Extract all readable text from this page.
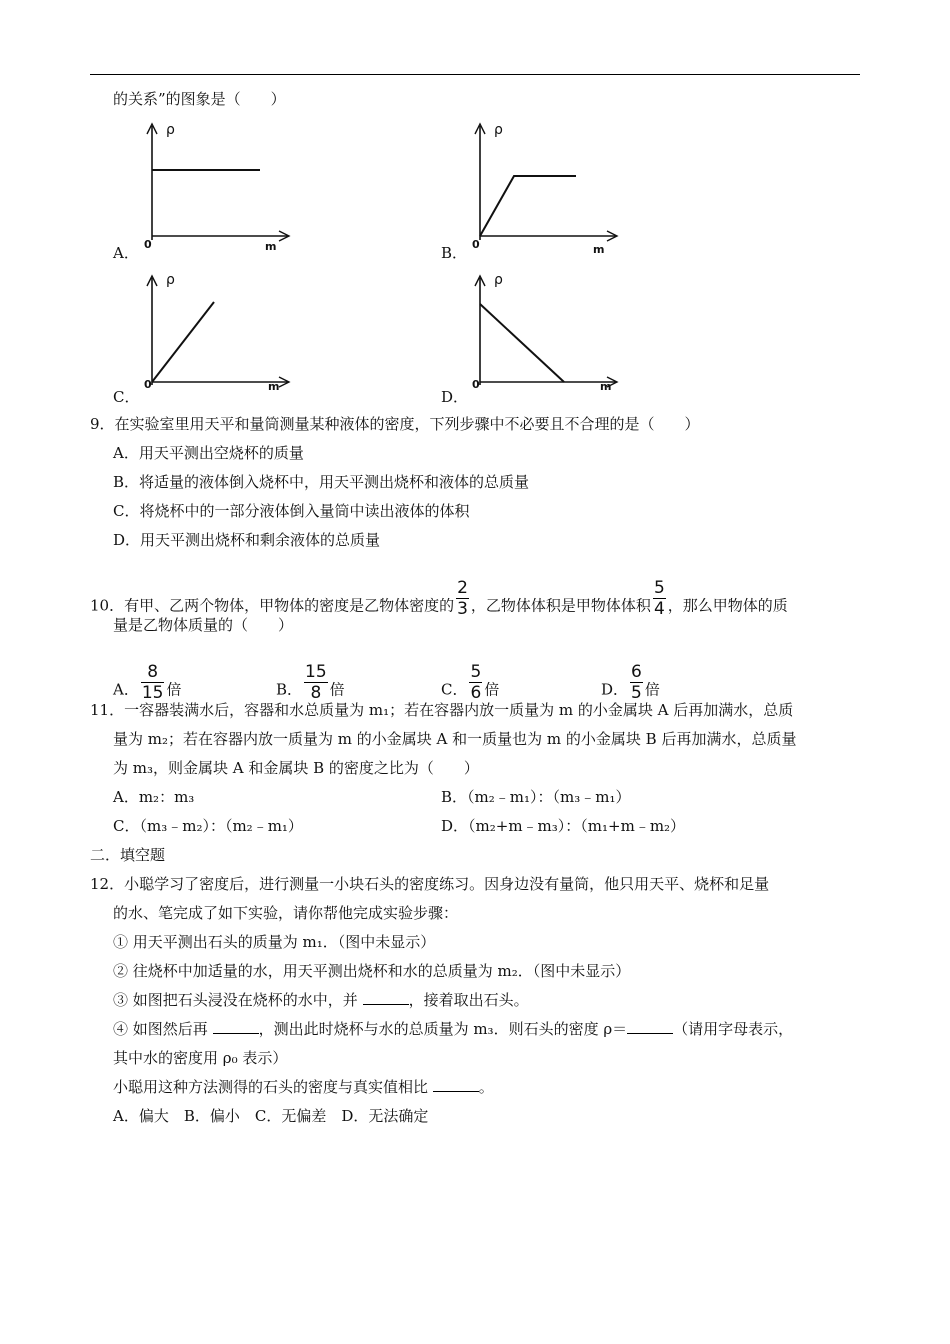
的关系”的图象是（　　）
A．
ρ
0	m	B．
ρ
0	m
C．
ρ
0	m
D．
ρ
0	m
9．在实验室里用天平和量筒测量某种液体的密度，下列步骤中不必要且不合理的是（　　）
A．用天平测出空烧杯的质量
B．将适量的液体倒入烧杯中，用天平测出烧杯和液体的总质量
C．将烧杯中的一部分液体倒入量筒中读出液体的体积
D．用天平测出烧杯和剩余液体的总质量
10．有甲、乙两个物体，甲物体的密度是乙物体密度的 $\frac{2}{3}$ ，乙物体体积是甲物体体积 $\frac{5}{4}$ ，那么甲物体的质
量是乙物体质量的（　　）
A． $\frac{8}{15}$ 倍	B． $\frac{15}{8}$ 倍	C． $\frac{5}{6}$ 倍	D． $\frac{6}{5}$ 倍
11．一容器装满水后，容器和水总质量为 m₁；若在容器内放一质量为 m 的小金属块 A 后再加满水，总质
量为 m₂；若在容器内放一质量为 m 的小金属块 A 和一质量也为 m 的小金属块 B 后再加满水，总质量
为 m₃，则金属块 A 和金属块 B 的密度之比为（　　）
A．m₂：m₃	B．（m₂﹣m₁）：（m₃﹣m₁）
C．（m₃﹣m₂）：（m₂﹣m₁）	D．（m₂+m﹣m₃）：（m₁+m﹣m₂）
二．填空题
12．小聪学习了密度后，进行测量一小块石头的密度练习。因身边没有量筒，他只用天平、烧杯和足量
的水、笔完成了如下实验，请你帮他完成实验步骤：
① 用天平测出石头的质量为 m₁．（图中未显示）
② 往烧杯中加适量的水，用天平测出烧杯和水的总质量为 m₂．（图中未显示）
③ 如图把石头浸没在烧杯的水中，并	，接着取出石头。
④ 如图然后再	，测出此时烧杯与水的总质量为 m₃．则石头的密度 ρ＝	（请用字母表示，
其中水的密度用 ρ₀ 表示）
小聪用这种方法测得的石头的密度与真实值相比	。
A．偏大　B．偏小　C．无偏差　D．无法确定
